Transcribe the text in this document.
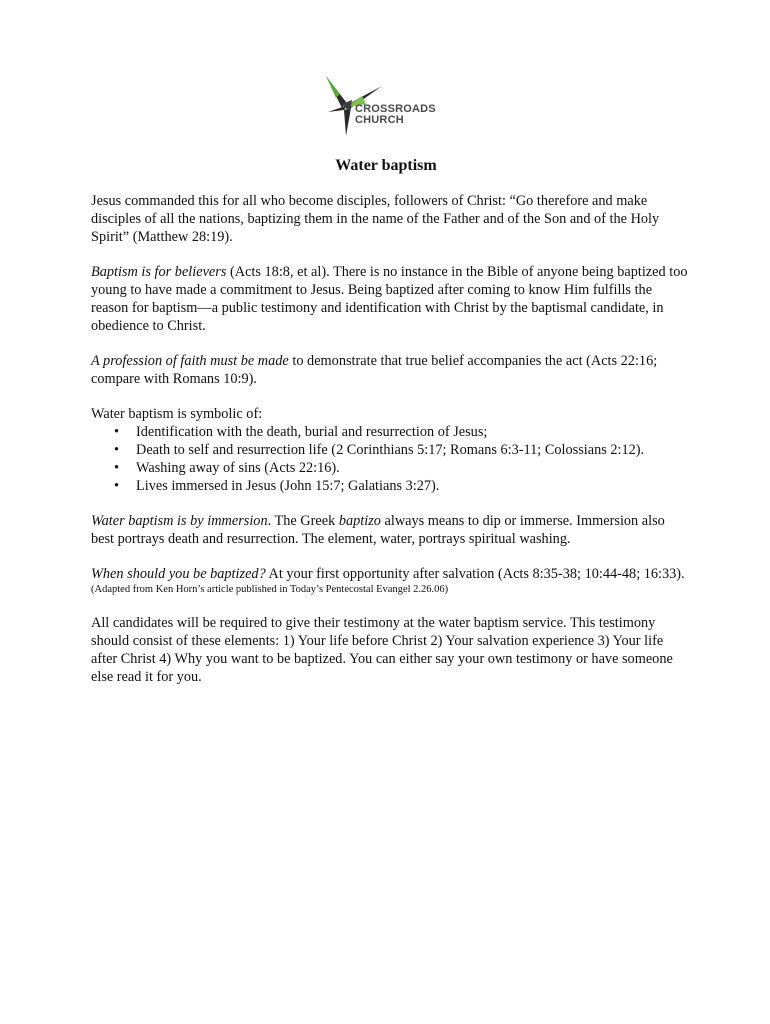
CROSSROADS
CHURCH
Water baptism

Jesus commanded this for all who become disciples, followers of Christ: “Go therefore and make disciples of all the nations, baptizing them in the name of the Father and of the Son and of the Holy Spirit” (Matthew 28:19).

Baptism is for believers (Acts 18:8, et al). There is no instance in the Bible of anyone being baptized too young to have made a commitment to Jesus. Being baptized after coming to know Him fulfills the reason for baptism—a public testimony and identification with Christ by the baptismal candidate, in obedience to Christ.

A profession of faith must be made to demonstrate that true belief accompanies the act (Acts 22:16; compare with Romans 10:9).

Water baptism is symbolic of:

• Identification with the death, burial and resurrection of Jesus;
• Death to self and resurrection life (2 Corinthians 5:17; Romans 6:3-11; Colossians 2:12).
• Washing away of sins (Acts 22:16).
• Lives immersed in Jesus (John 15:7; Galatians 3:27).

Water baptism is by immersion. The Greek baptizo always means to dip or immerse. Immersion also best portrays death and resurrection. The element, water, portrays spiritual washing.

When should you be baptized? At your first opportunity after salvation (Acts 8:35-38; 10:44-48; 16:33).

(Adapted from Ken Horn’s article published in Today’s Pentecostal Evangel 2.26.06)

All candidates will be required to give their testimony at the water baptism service. This testimony should consist of these elements: 1) Your life before Christ 2) Your salvation experience 3) Your life after Christ 4) Why you want to be baptized. You can either say your own testimony or have someone else read it for you.
